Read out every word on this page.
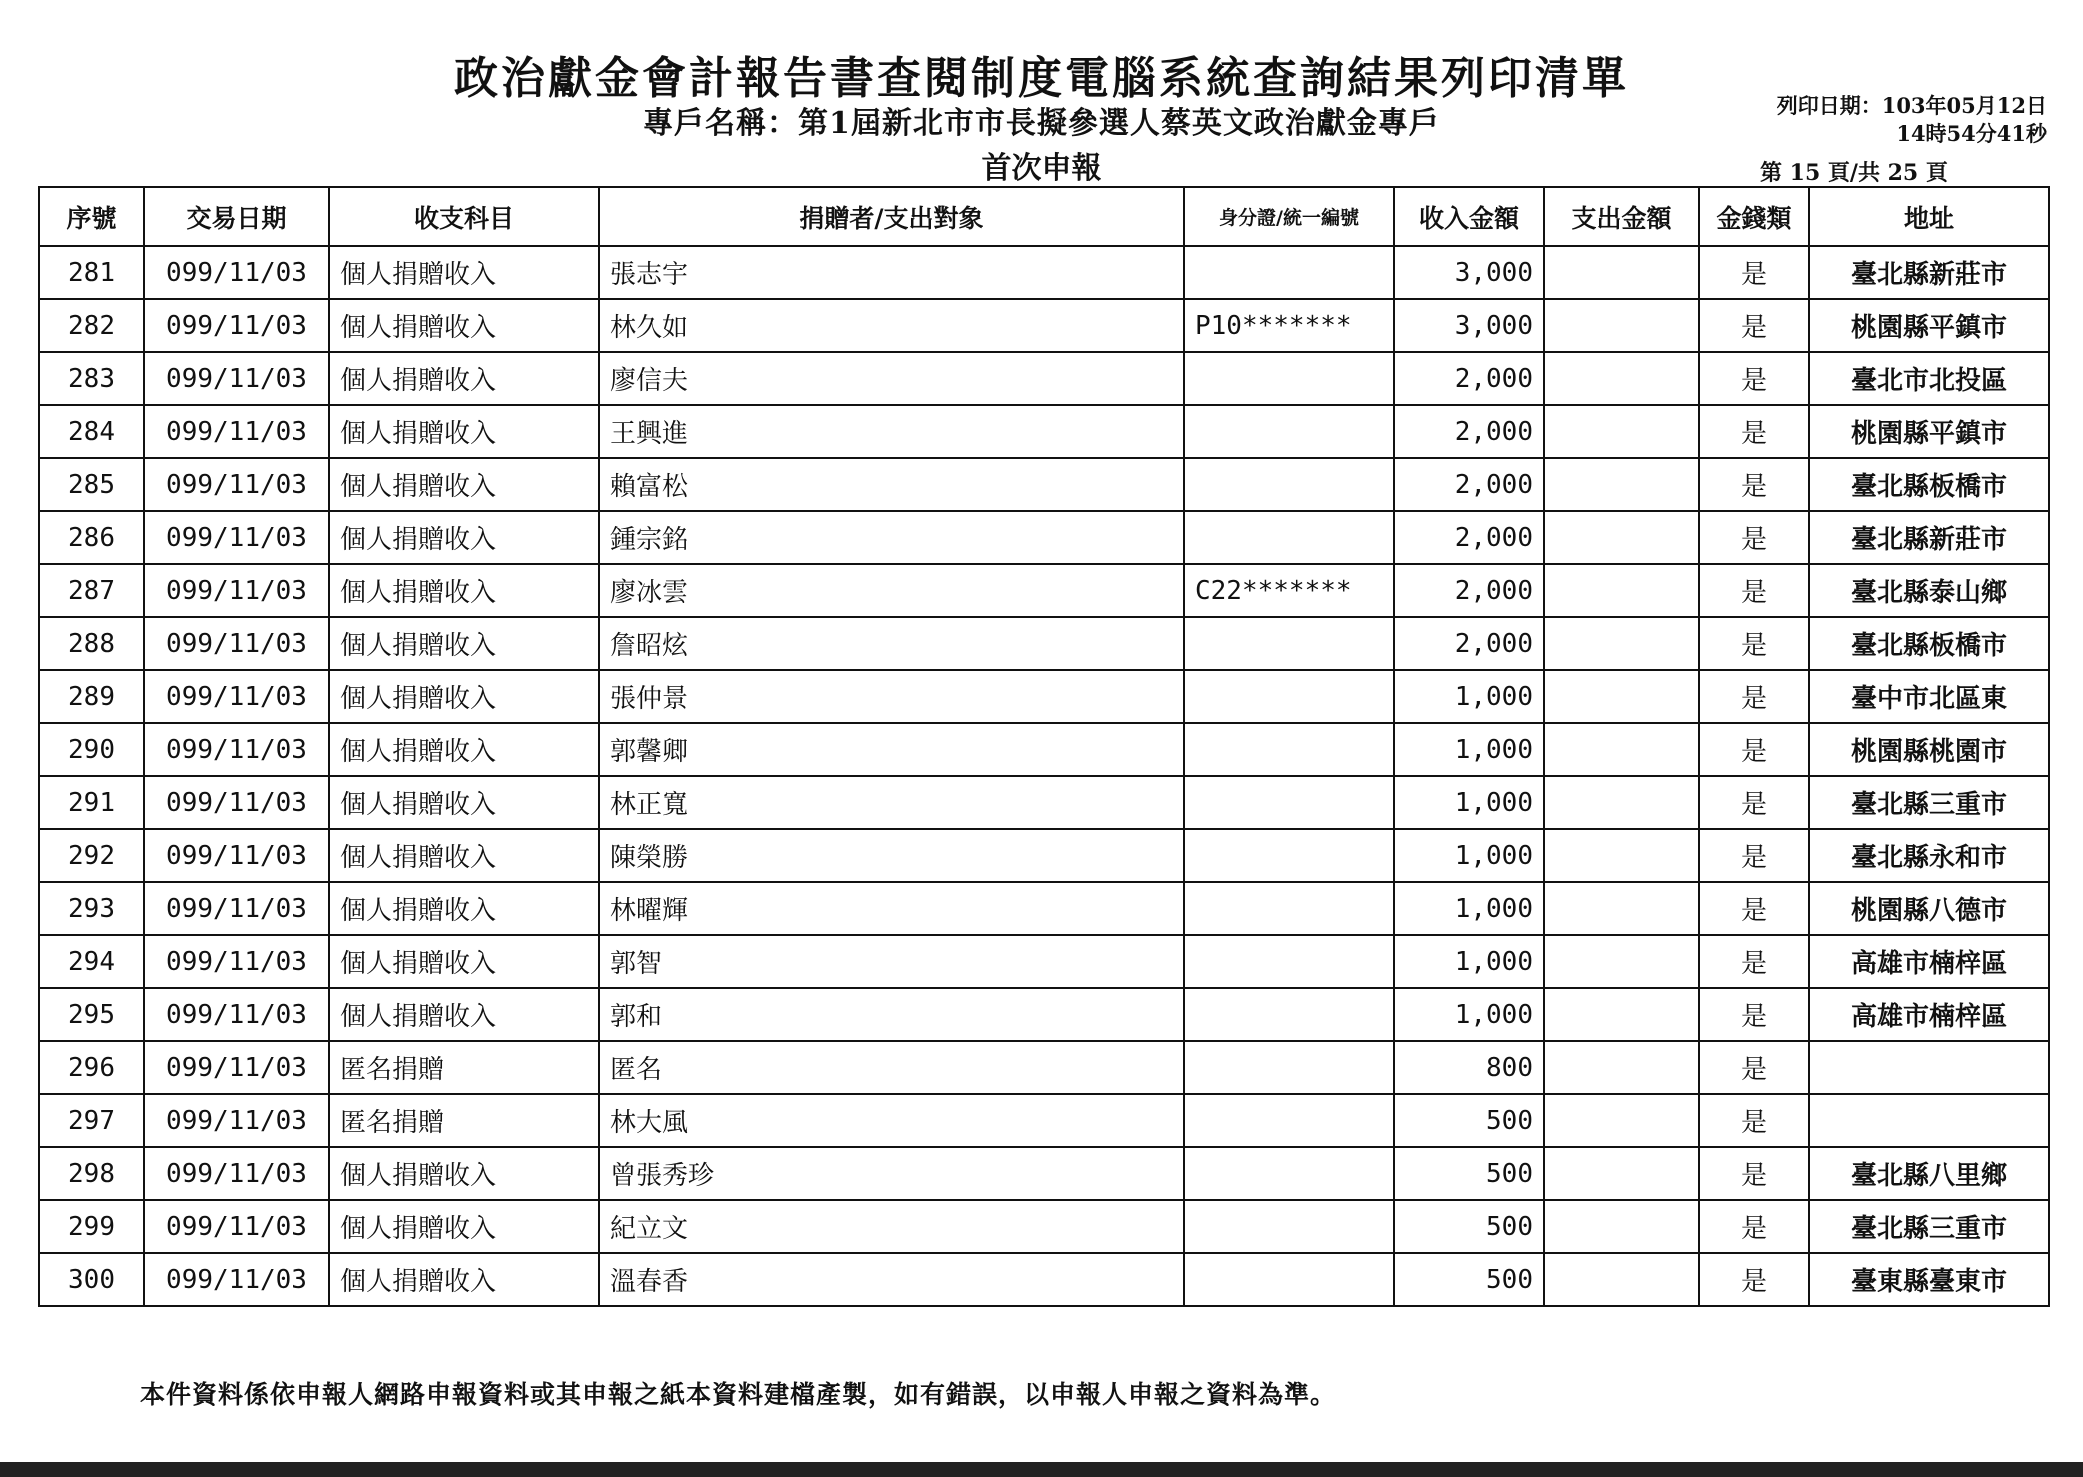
政治獻金會計報告書查閱制度電腦系統查詢結果列印清單
專戶名稱：第1屆新北市市長擬參選人蔡英文政治獻金專戶
首次申報
列印日期：103年05月12日
14時54分41秒
第 15 頁/共 25 頁
序號	交易日期	收支科目	捐贈者/支出對象	身分證/統一編號	收入金額	支出金額	金錢類	地址
281	099/11/03	個人捐贈收入	張志宇		3,000		是	臺北縣新莊市
282	099/11/03	個人捐贈收入	林久如	P10*******	3,000		是	桃園縣平鎮市
283	099/11/03	個人捐贈收入	廖信夫		2,000		是	臺北市北投區
284	099/11/03	個人捐贈收入	王興進		2,000		是	桃園縣平鎮市
285	099/11/03	個人捐贈收入	賴富松		2,000		是	臺北縣板橋市
286	099/11/03	個人捐贈收入	鍾宗銘		2,000		是	臺北縣新莊市
287	099/11/03	個人捐贈收入	廖冰雲	C22*******	2,000		是	臺北縣泰山鄉
288	099/11/03	個人捐贈收入	詹昭炫		2,000		是	臺北縣板橋市
289	099/11/03	個人捐贈收入	張仲景		1,000		是	臺中市北區東
290	099/11/03	個人捐贈收入	郭馨卿		1,000		是	桃園縣桃園市
291	099/11/03	個人捐贈收入	林正寬		1,000		是	臺北縣三重市
292	099/11/03	個人捐贈收入	陳榮勝		1,000		是	臺北縣永和市
293	099/11/03	個人捐贈收入	林曜輝		1,000		是	桃園縣八德市
294	099/11/03	個人捐贈收入	郭智		1,000		是	高雄市楠梓區
295	099/11/03	個人捐贈收入	郭和		1,000		是	高雄市楠梓區
296	099/11/03	匿名捐贈	匿名		800		是	
297	099/11/03	匿名捐贈	林大風		500		是	
298	099/11/03	個人捐贈收入	曾張秀珍		500		是	臺北縣八里鄉
299	099/11/03	個人捐贈收入	紀立文		500		是	臺北縣三重市
300	099/11/03	個人捐贈收入	溫春香		500		是	臺東縣臺東市
本件資料係依申報人網路申報資料或其申報之紙本資料建檔產製，如有錯誤，以申報人申報之資料為準。
